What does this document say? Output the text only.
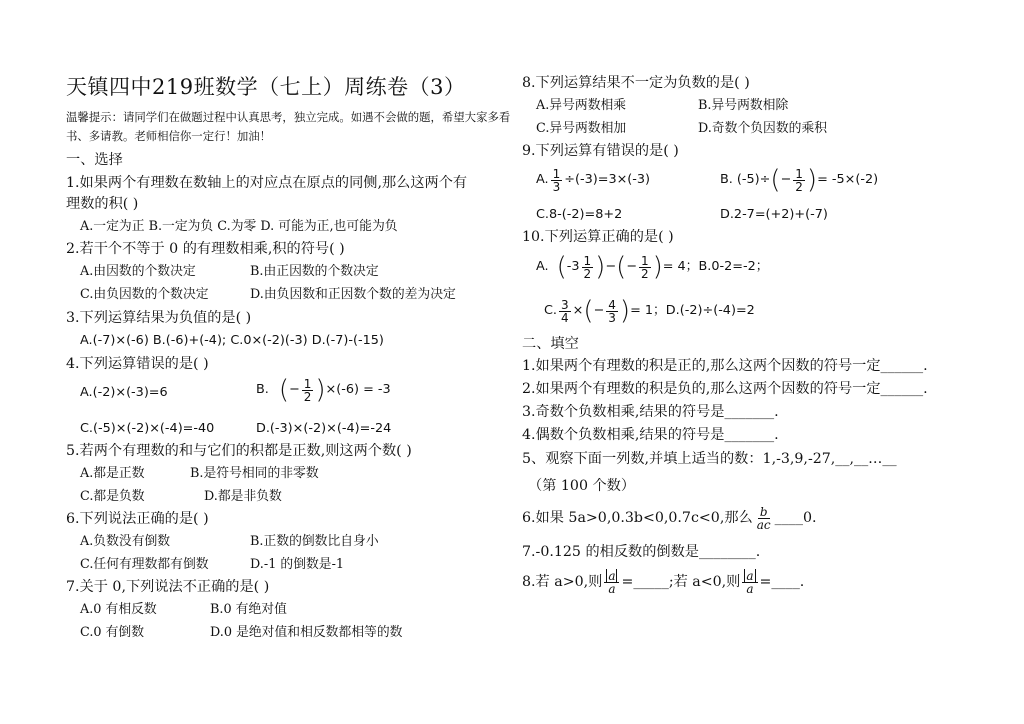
天镇四中219班数学（七上）周练卷（3）
温馨提示：请同学们在做题过程中认真思考，独立完成。如遇不会做的题，希望大家多看
书、多请教。老师相信你一定行！加油！
一、选择
1.如果两个有理数在数轴上的对应点在原点的同侧,那么这两个有
理数的积( )
A.一定为正 B.一定为负 C.为零 D. 可能为正,也可能为负
2.若干个不等于 0 的有理数相乘,积的符号( )
A.由因数的个数决定	B.由正因数的个数决定
C.由负因数的个数决定	D.由负因数和正因数个数的差为决定
3.下列运算结果为负值的是( )
A.(-7)×(-6) B.(-6)+(-4); C.0×(-2)(-3) D.(-7)-(-15)
4.下列运算错误的是( )
A.(-2)×(-3)=6	B. ( − $\frac{1}{2}$ ) ×(-6) = -3
C.(-5)×(-2)×(-4)=-40	D.(-3)×(-2)×(-4)=-24
5.若两个有理数的和与它们的积都是正数,则这两个数( )
A.都是正数	B.是符号相同的非零数
C.都是负数	D.都是非负数
6.下列说法正确的是( )
A.负数没有倒数	B.正数的倒数比自身小
C.任何有理数都有倒数	D.-1 的倒数是-1
7.关于 0,下列说法不正确的是( )
A.0 有相反数	B.0 有绝对值
C.0 有倒数	D.0 是绝对值和相反数都相等的数
8.下列运算结果不一定为负数的是( )
A.异号两数相乘	B.异号两数相除
C.异号两数相加	D.奇数个负因数的乘积
9.下列运算有错误的是( )
A. $\frac{1}{3} \div(-3)=3\times(-3)$	B. (-5)÷ ( − $\frac{1}{2}$ ) = -5×(-2)
C.8-(-2)=8+2	D.2-7=(+2)+(-7)
10.下列运算正确的是( )
A. ( $-3 \frac{1}{2}$ ) − ( − $\frac{1}{2}$ ) = 4；B.0-2=-2；
C. $\frac{3}{4}$ × ( − $\frac{4}{3}$ ) = 1；D.(-2)÷(-4)=2
二、填空
1.如果两个有理数的积是正的,那么这两个因数的符号一定______.
2.如果两个有理数的积是负的,那么这两个因数的符号一定______.
3.奇数个负数相乘,结果的符号是_______.
4.偶数个负数相乘,结果的符号是_______.
5、观察下面一列数,并填上适当的数：1,-3,9,-27,__,__…__
（第 100 个数）
6.如果 5a>0,0.3b<0,0.7c<0,那么 $\frac{b}{ac}$ ____0.
7.-0.125 的相反数的倒数是________.
8.若 a>0,则 $\frac{a}{a}$ =_____;若 a<0,则 $\frac{a}{a}$ =____.
